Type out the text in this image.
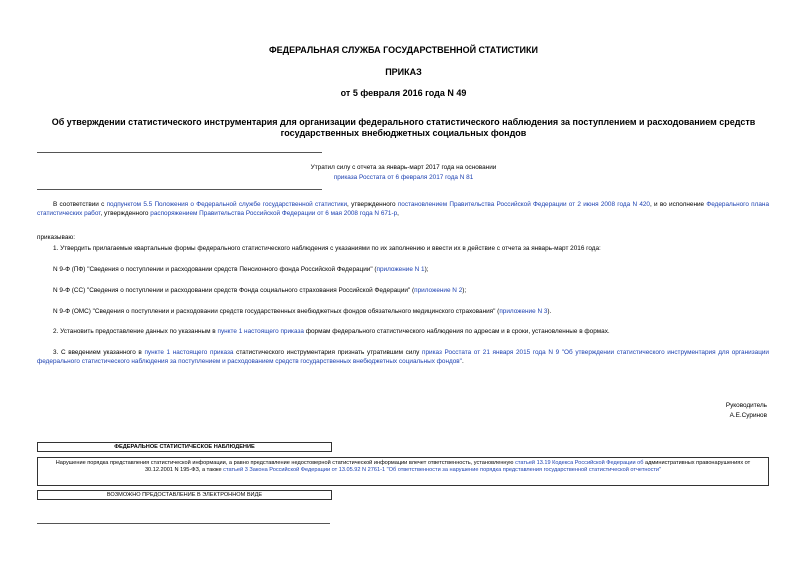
ФЕДЕРАЛЬНАЯ СЛУЖБА ГОСУДАРСТВЕННОЙ СТАТИСТИКИ
ПРИКАЗ
от 5 февраля 2016 года N 49
Об утверждении статистического инструментария для организации федерального статистического наблюдения за поступлением и расходованием средств
государственных внебюджетных социальных фондов
Утратил силу с отчета за январь-март 2017 года на основании
приказа Росстата от 6 февраля 2017 года N 81
В соответствии с подпунктом 5.5 Положения о Федеральной службе государственной статистики, утвержденного постановлением Правительства Российской Федерации от 2 июня 2008 года N 420, и во исполнение Федерального плана статистических работ, утвержденного распоряжением Правительства Российской Федерации от 6 мая 2008 года N 671-р,
приказываю:
1. Утвердить прилагаемые квартальные формы федерального статистического наблюдения с указаниями по их заполнению и ввести их в действие с отчета за январь-март 2016 года:
N 9-Ф (ПФ) "Сведения о поступлении и расходовании средств Пенсионного фонда Российской Федерации" (приложение N 1);
N 9-Ф (СС) "Сведения о поступлении и расходовании средств Фонда социального страхования Российской Федерации" (приложение N 2);
N 9-Ф (ОМС) "Сведения о поступлении и расходовании средств государственных внебюджетных фондов обязательного медицинского страхования" (приложение N 3).
2. Установить предоставление данных по указанным в пункте 1 настоящего приказа формам федерального статистического наблюдения по адресам и в сроки, установленные в формах.
3. С введением указанного в пункте 1 настоящего приказа статистического инструментария признать утратившим силу приказ Росстата от 21 января 2015 года N 9 "Об утверждении статистического инструментария для организации федерального статистического наблюдения за поступлением и расходованием средств государственных внебюджетных социальных фондов".
Руководитель
А.Е.Суринов
ФЕДЕРАЛЬНОЕ СТАТИСТИЧЕСКОЕ НАБЛЮДЕНИЕ
Нарушение порядка представления статистической информации, а равно представление недостоверной статистической информации влечет ответственность, установленную статьей 13.19 Кодекса Российской Федерации об административных правонарушениях от 30.12.2001 N 195-ФЗ, а также статьей 3 Закона Российской Федерации от 13.05.92 N 2761-1 "Об ответственности за нарушение порядка представления государственной статистической отчетности"
ВОЗМОЖНО ПРЕДОСТАВЛЕНИЕ В ЭЛЕКТРОННОМ ВИДЕ
